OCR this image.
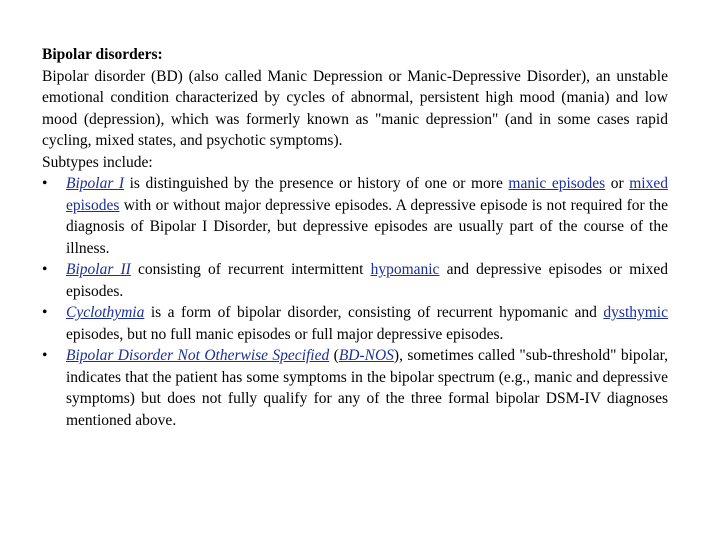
Bipolar disorders:
Bipolar disorder (BD) (also called Manic Depression or Manic-Depressive Disorder), an unstable emotional condition characterized by cycles of abnormal, persistent high mood (mania) and low mood (depression), which was formerly known as "manic depression" (and in some cases rapid cycling, mixed states, and psychotic symptoms).
Subtypes include:
• Bipolar I is distinguished by the presence or history of one or more manic episodes or mixed episodes with or without major depressive episodes. A depressive episode is not required for the diagnosis of Bipolar I Disorder, but depressive episodes are usually part of the course of the illness.
• Bipolar II consisting of recurrent intermittent hypomanic and depressive episodes or mixed episodes.
• Cyclothymia is a form of bipolar disorder, consisting of recurrent hypomanic and dysthymic episodes, but no full manic episodes or full major depressive episodes.
• Bipolar Disorder Not Otherwise Specified (BD-NOS), sometimes called "sub-threshold" bipolar, indicates that the patient has some symptoms in the bipolar spectrum (e.g., manic and depressive symptoms) but does not fully qualify for any of the three formal bipolar DSM-IV diagnoses mentioned above.
